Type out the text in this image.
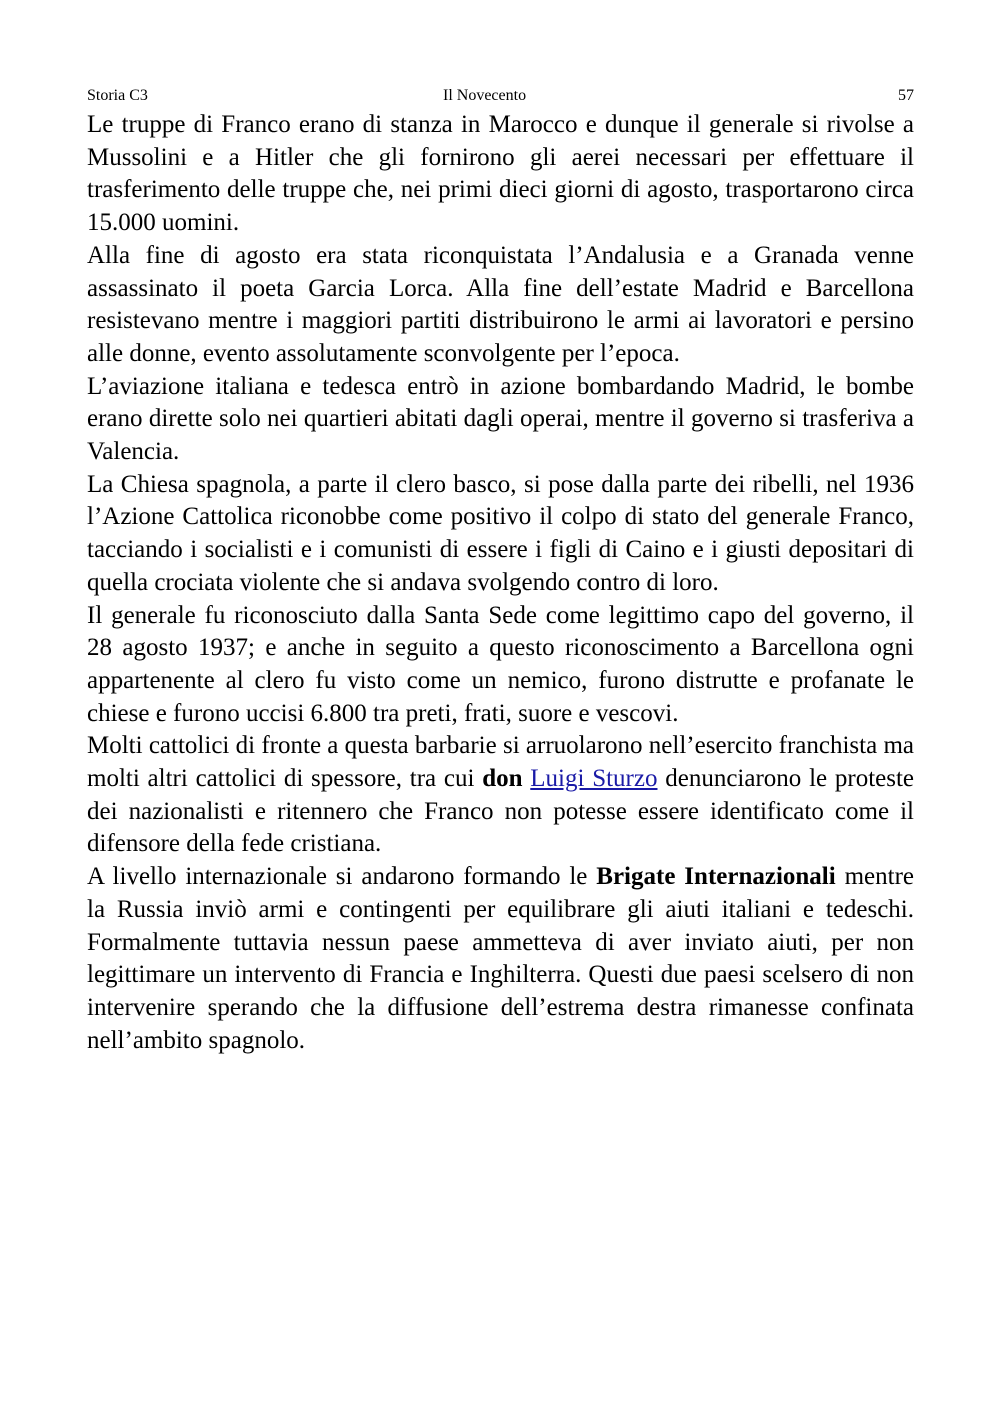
Storia C3	Il Novecento	57

Le truppe di Franco erano di stanza in Marocco e dunque il generale si rivolse a Mussolini e a Hitler che gli fornirono gli aerei necessari per effettuare il trasferimento delle truppe che, nei primi dieci giorni di agosto, trasportarono circa 15.000 uomini.

Alla fine di agosto era stata riconquistata l’Andalusia e a Granada venne assassinato il poeta Garcia Lorca. Alla fine dell’estate Madrid e Barcellona resistevano mentre i maggiori partiti distribuirono le armi ai lavoratori e persino alle donne, evento assolutamente sconvolgente per l’epoca.

L’aviazione italiana e tedesca entrò in azione bombardando Madrid, le bombe erano dirette solo nei quartieri abitati dagli operai, mentre il governo si trasferiva a Valencia.

La Chiesa spagnola, a parte il clero basco, si pose dalla parte dei ribelli, nel 1936 l’Azione Cattolica riconobbe come positivo il colpo di stato del generale Franco, tacciando i socialisti e i comunisti di essere i figli di Caino e i giusti depositari di quella crociata violente che si andava svolgendo contro di loro.

Il generale fu riconosciuto dalla Santa Sede come legittimo capo del governo, il 28 agosto 1937; e anche in seguito a questo riconoscimento a Barcellona ogni appartenente al clero fu visto come un nemico, furono distrutte e profanate le chiese e furono uccisi 6.800 tra preti, frati, suore e vescovi.

Molti cattolici di fronte a questa barbarie si arruolarono nell’esercito franchista ma molti altri cattolici di spessore, tra cui don Luigi Sturzo denunciarono le proteste dei nazionalisti e ritennero che Franco non potesse essere identificato come il difensore della fede cristiana.

A livello internazionale si andarono formando le Brigate Internazionali mentre la Russia inviò armi e contingenti per equilibrare gli aiuti italiani e tedeschi. Formalmente tuttavia nessun paese ammetteva di aver inviato aiuti, per non legittimare un intervento di Francia e Inghilterra. Questi due paesi scelsero di non intervenire sperando che la diffusione dell’estrema destra rimanesse confinata nell’ambito spagnolo.
